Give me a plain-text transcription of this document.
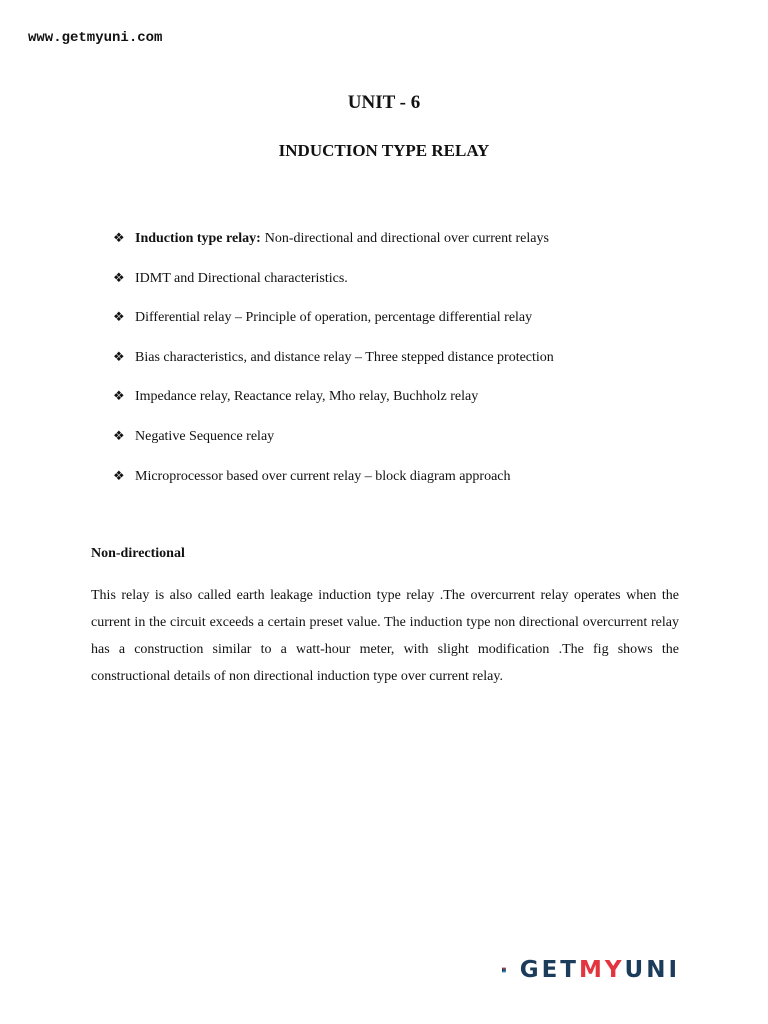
www.getmyuni.com
UNIT - 6
INDUCTION TYPE RELAY
❖ Induction type relay: Non-directional and directional over current relays
❖ IDMT and Directional characteristics.
❖ Differential relay – Principle of operation, percentage differential relay
❖ Bias characteristics, and distance relay – Three stepped distance protection
❖ Impedance relay, Reactance relay, Mho relay, Buchholz relay
❖ Negative Sequence relay
❖ Microprocessor based over current relay – block diagram approach
Non-directional

This relay is also called earth leakage induction type relay .The overcurrent relay operates when the current in the circuit exceeds a certain preset value. The induction type non directional overcurrent relay has a construction similar to a watt-hour meter, with slight modification .The fig shows the constructional details of non directional induction type over current relay.

GETMYUNI
